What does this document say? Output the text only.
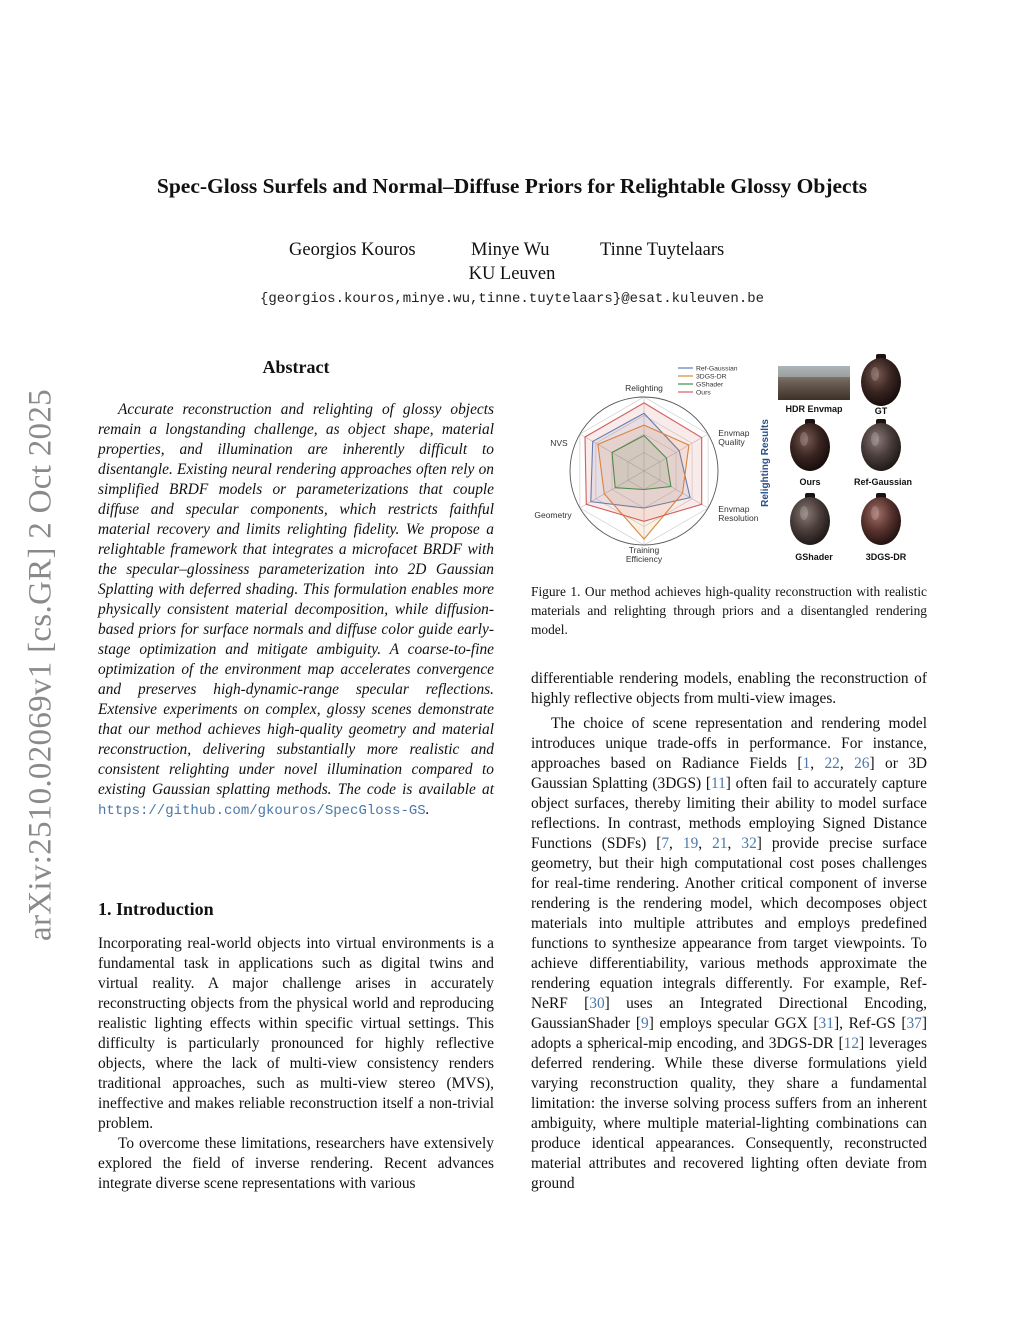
arXiv:2510.02069v1 [cs.GR] 2 Oct 2025
Spec-Gloss Surfels and Normal–Diffuse Priors for Relightable Glossy Objects
Georgios Kouros	Minye Wu	Tinne Tuytelaars
KU Leuven
{georgios.kouros,minye.wu,tinne.tuytelaars}@esat.kuleuven.be
Abstract
Accurate reconstruction and relighting of glossy objects remain a longstanding challenge, as object shape, material properties, and illumination are inherently difficult to disentangle. Existing neural rendering approaches often rely on simplified BRDF models or parameterizations that couple diffuse and specular components, which restricts faithful material recovery and limits relighting fidelity. We propose a relightable framework that integrates a microfacet BRDF with the specular–glossiness parameterization into 2D Gaussian Splatting with deferred shading. This formulation enables more physically consistent material decomposition, while diffusion-based priors for surface normals and diffuse color guide early-stage optimization and mitigate ambiguity. A coarse-to-fine optimization of the environment map accelerates convergence and preserves high-dynamic-range specular reflections. Extensive experiments on complex, glossy scenes demonstrate that our method achieves high-quality geometry and material reconstruction, delivering substantially more realistic and consistent relighting under novel illumination compared to existing Gaussian splatting methods. The code is available at https://github.com/gkouros/SpecGloss-GS.
1. Introduction
Incorporating real-world objects into virtual environments is a fundamental task in applications such as digital twins and virtual reality. A major challenge arises in accurately reconstructing objects from the physical world and reproducing realistic lighting effects within specific virtual settings. This difficulty is particularly pronounced for highly reflective objects, where the lack of multi-view consistency renders traditional approaches, such as multi-view stereo (MVS), ineffective and makes reliable reconstruction itself a non-trivial problem.
To overcome these limitations, researchers have extensively explored the field of inverse rendering. Recent advances integrate diverse scene representations with various
Relighting
Envmap Quality
Envmap Resolution
Training Efficiency
Geometry
NVS
Ref-Gaussian
3DGS-DR
GShader
Ours
Relighting Results
HDR Envmap	GT
Ours	Ref-Gaussian
GShader	3DGS-DR
Figure 1. Our method achieves high-quality reconstruction with realistic materials and relighting through priors and a disentangled rendering model.
differentiable rendering models, enabling the reconstruction of highly reflective objects from multi-view images.
The choice of scene representation and rendering model introduces unique trade-offs in performance. For instance, approaches based on Radiance Fields [1, 22, 26] or 3D Gaussian Splatting (3DGS) [11] often fail to accurately capture object surfaces, thereby limiting their ability to model surface reflections. In contrast, methods employing Signed Distance Functions (SDFs) [7, 19, 21, 32] provide precise surface geometry, but their high computational cost poses challenges for real-time rendering. Another critical component of inverse rendering is the rendering model, which decomposes object materials into multiple attributes and employs predefined functions to synthesize appearance from target viewpoints. To achieve differentiability, various methods approximate the rendering equation integrals differently. For example, Ref-NeRF [30] uses an Integrated Directional Encoding, GaussianShader [9] employs specular GGX [31], Ref-GS [37] adopts a spherical-mip encoding, and 3DGS-DR [12] leverages deferred rendering. While these diverse formulations yield varying reconstruction quality, they share a fundamental limitation: the inverse solving process suffers from an inherent ambiguity, where multiple material-lighting combinations can produce identical appearances. Consequently, reconstructed material attributes and recovered lighting often deviate from ground
